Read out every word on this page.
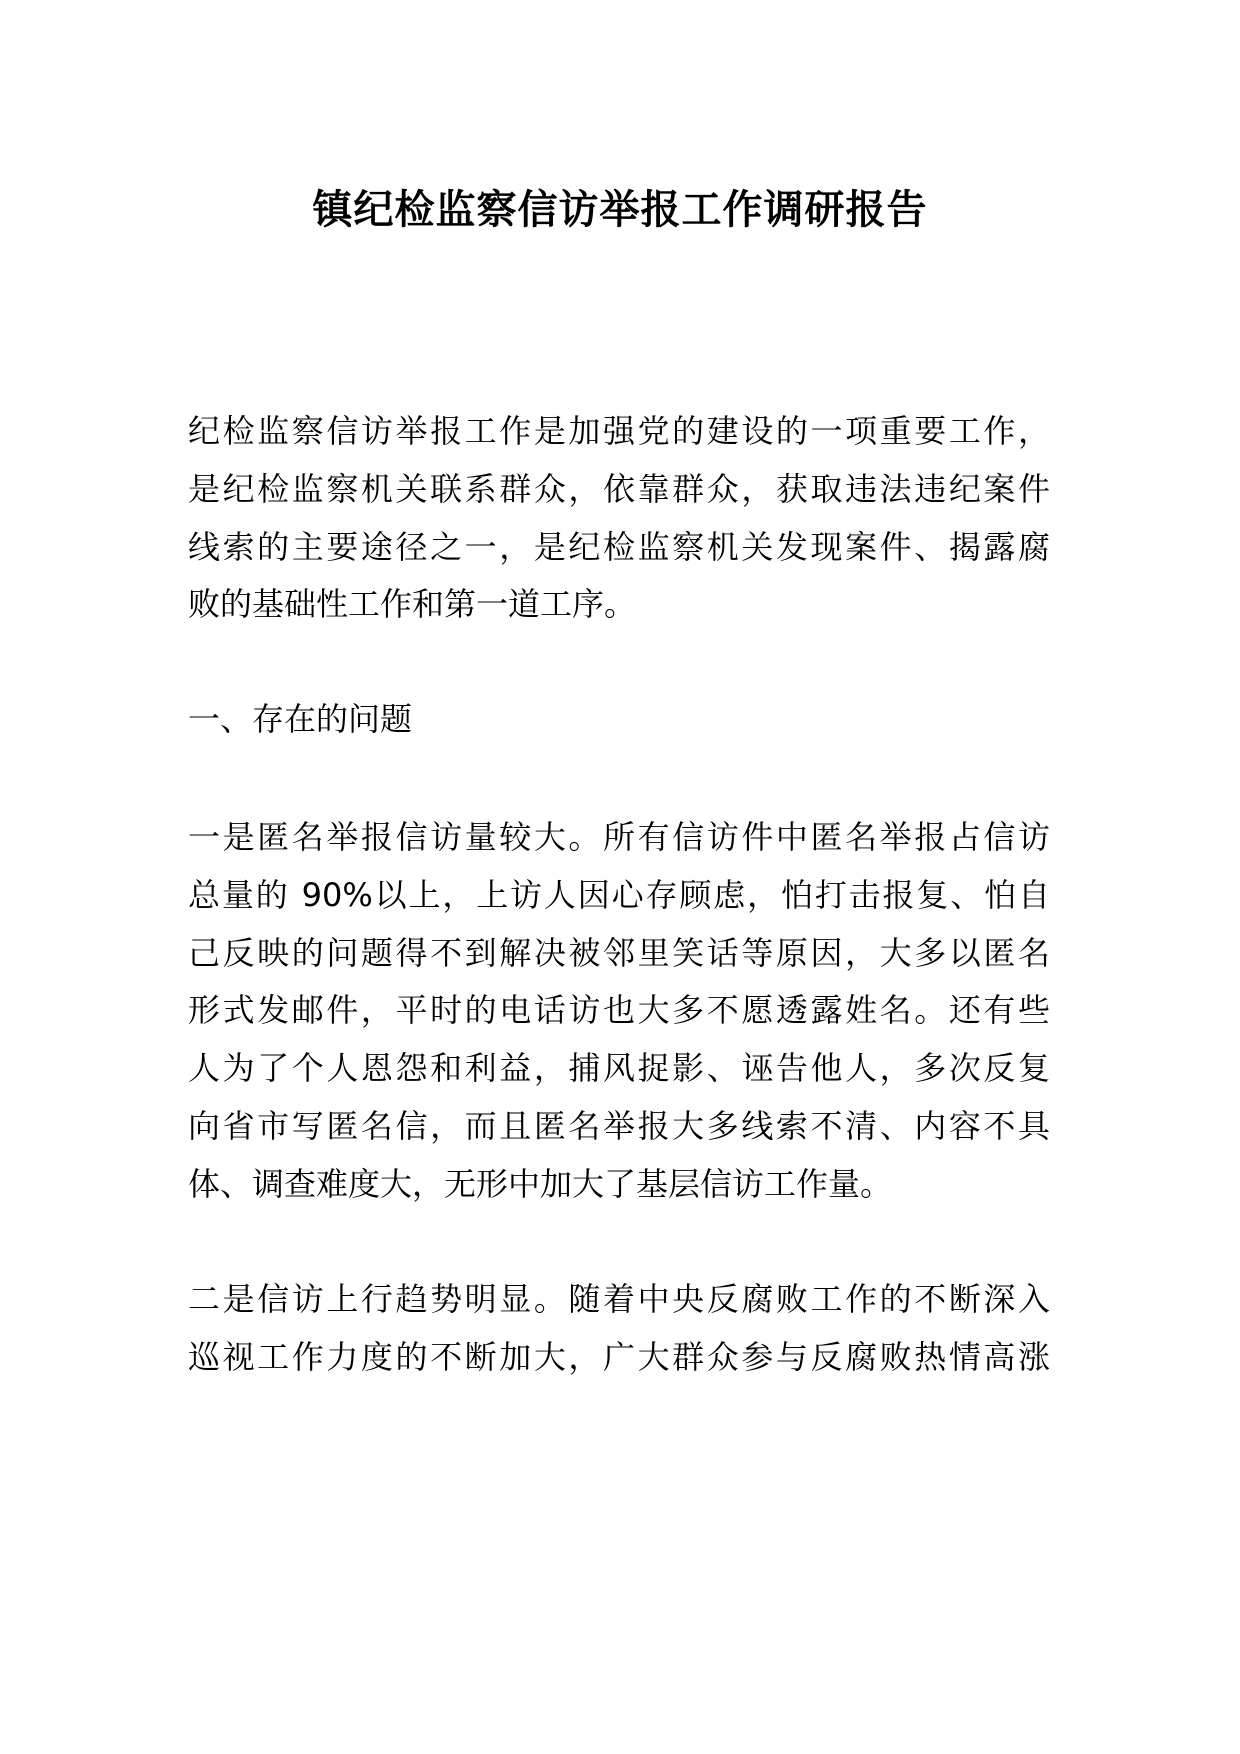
镇纪检监察信访举报工作调研报告
纪检监察信访举报工作是加强党的建设的一项重要工作，
是纪检监察机关联系群众，依靠群众，获取违法违纪案件
线索的主要途径之一，是纪检监察机关发现案件、揭露腐
败的基础性工作和第一道工序。
一、存在的问题
一是匿名举报信访量较大。所有信访件中匿名举报占信访
总量的 90%以上，上访人因心存顾虑，怕打击报复、怕自
己反映的问题得不到解决被邻里笑话等原因，大多以匿名
形式发邮件，平时的电话访也大多不愿透露姓名。还有些
人为了个人恩怨和利益，捕风捉影、诬告他人，多次反复
向省市写匿名信，而且匿名举报大多线索不清、内容不具
体、调查难度大，无形中加大了基层信访工作量。
二是信访上行趋势明显。随着中央反腐败工作的不断深入
巡视工作力度的不断加大，广大群众参与反腐败热情高涨
